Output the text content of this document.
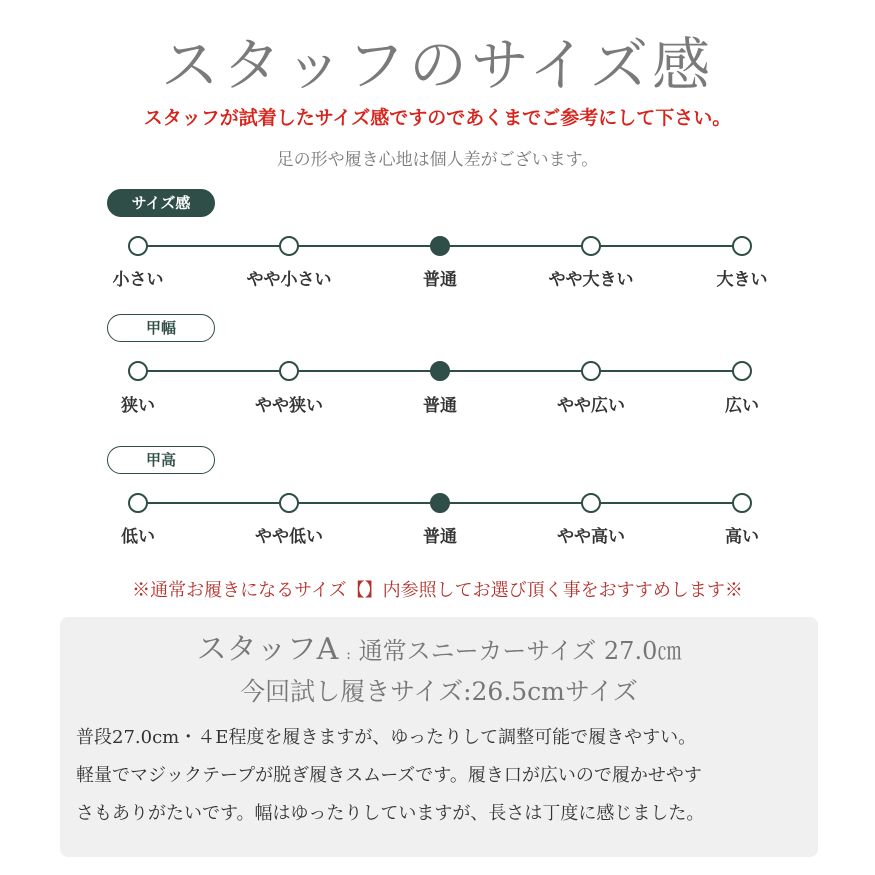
スタッフのサイズ感
スタッフが試着したサイズ感ですのであくまでご参考にして下さい。
足の形や履き心地は個人差がございます。
サイズ感
小さい	やや小さい	普通	やや大きい	大きい
甲幅
狭い	やや狭い	普通	やや広い	広い
甲高
低い	やや低い	普通	やや高い	高い
※通常お履きになるサイズ【】内参照してお選び頂く事をおすすめします※
スタッフA : 通常スニーカーサイズ 27.0㎝
今回試し履きサイズ:26.5cmサイズ
普段27.0cm・４E程度を履きますが、ゆったりして調整可能で履きやすい。
軽量でマジックテープが脱ぎ履きスムーズです。履き口が広いので履かせやす
さもありがたいです。幅はゆったりしていますが、長さは丁度に感じました。
